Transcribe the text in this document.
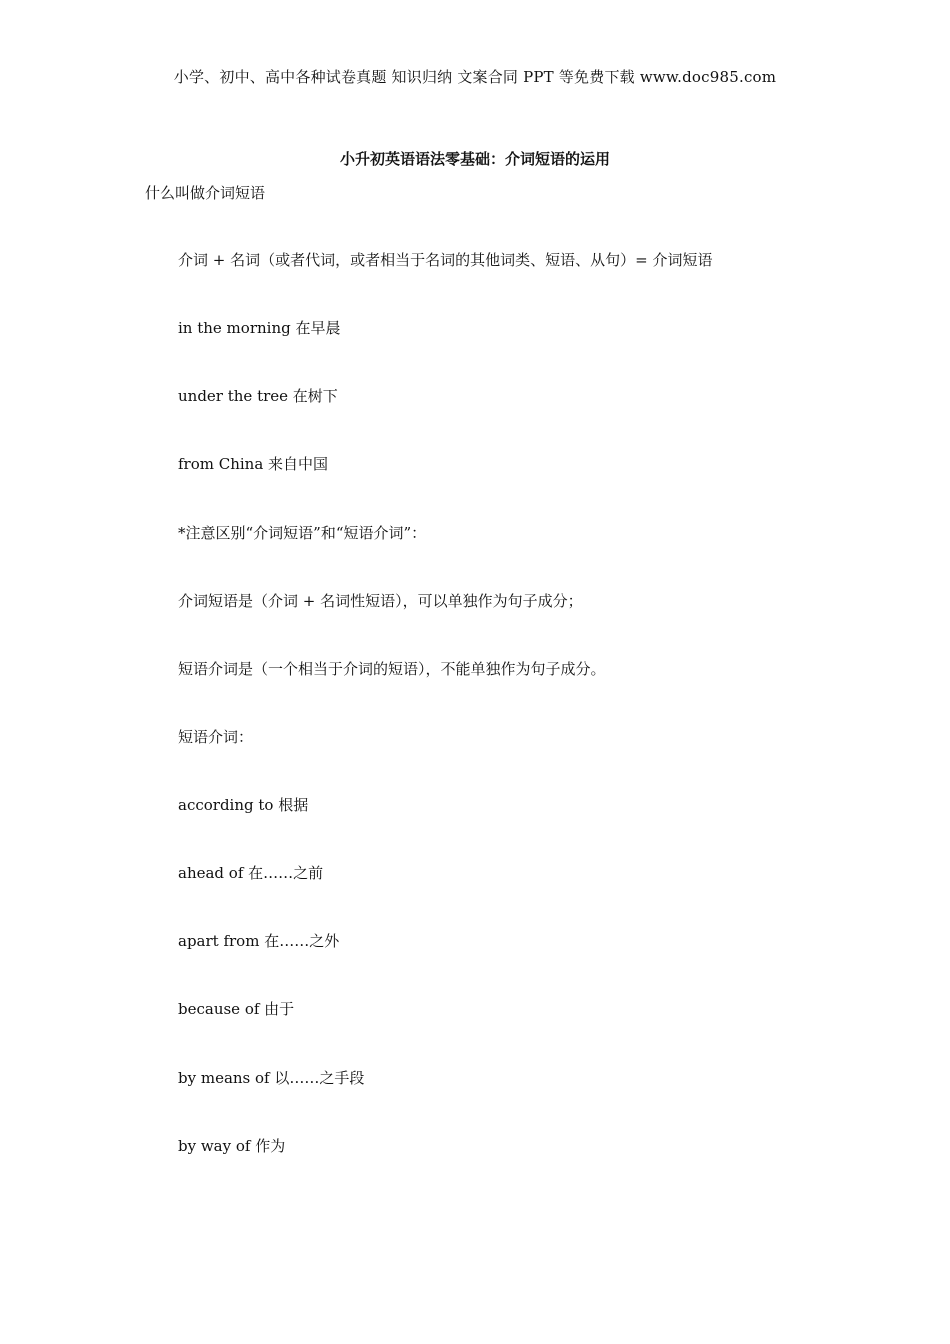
小学、初中、高中各种试卷真题 知识归纳 文案合同 PPT 等免费下载 www.doc985.com
小升初英语语法零基础：介词短语的运用
什么叫做介词短语
介词 + 名词（或者代词，或者相当于名词的其他词类、短语、从句）= 介词短语
in the morning 在早晨
under the tree 在树下
from China 来自中国
*注意区别“介词短语”和“短语介词”：
介词短语是（介词 + 名词性短语），可以单独作为句子成分；
短语介词是（一个相当于介词的短语），不能单独作为句子成分。
短语介词：
according to 根据
ahead of 在……之前
apart from 在……之外
because of 由于
by means of 以……之手段
by way of 作为
